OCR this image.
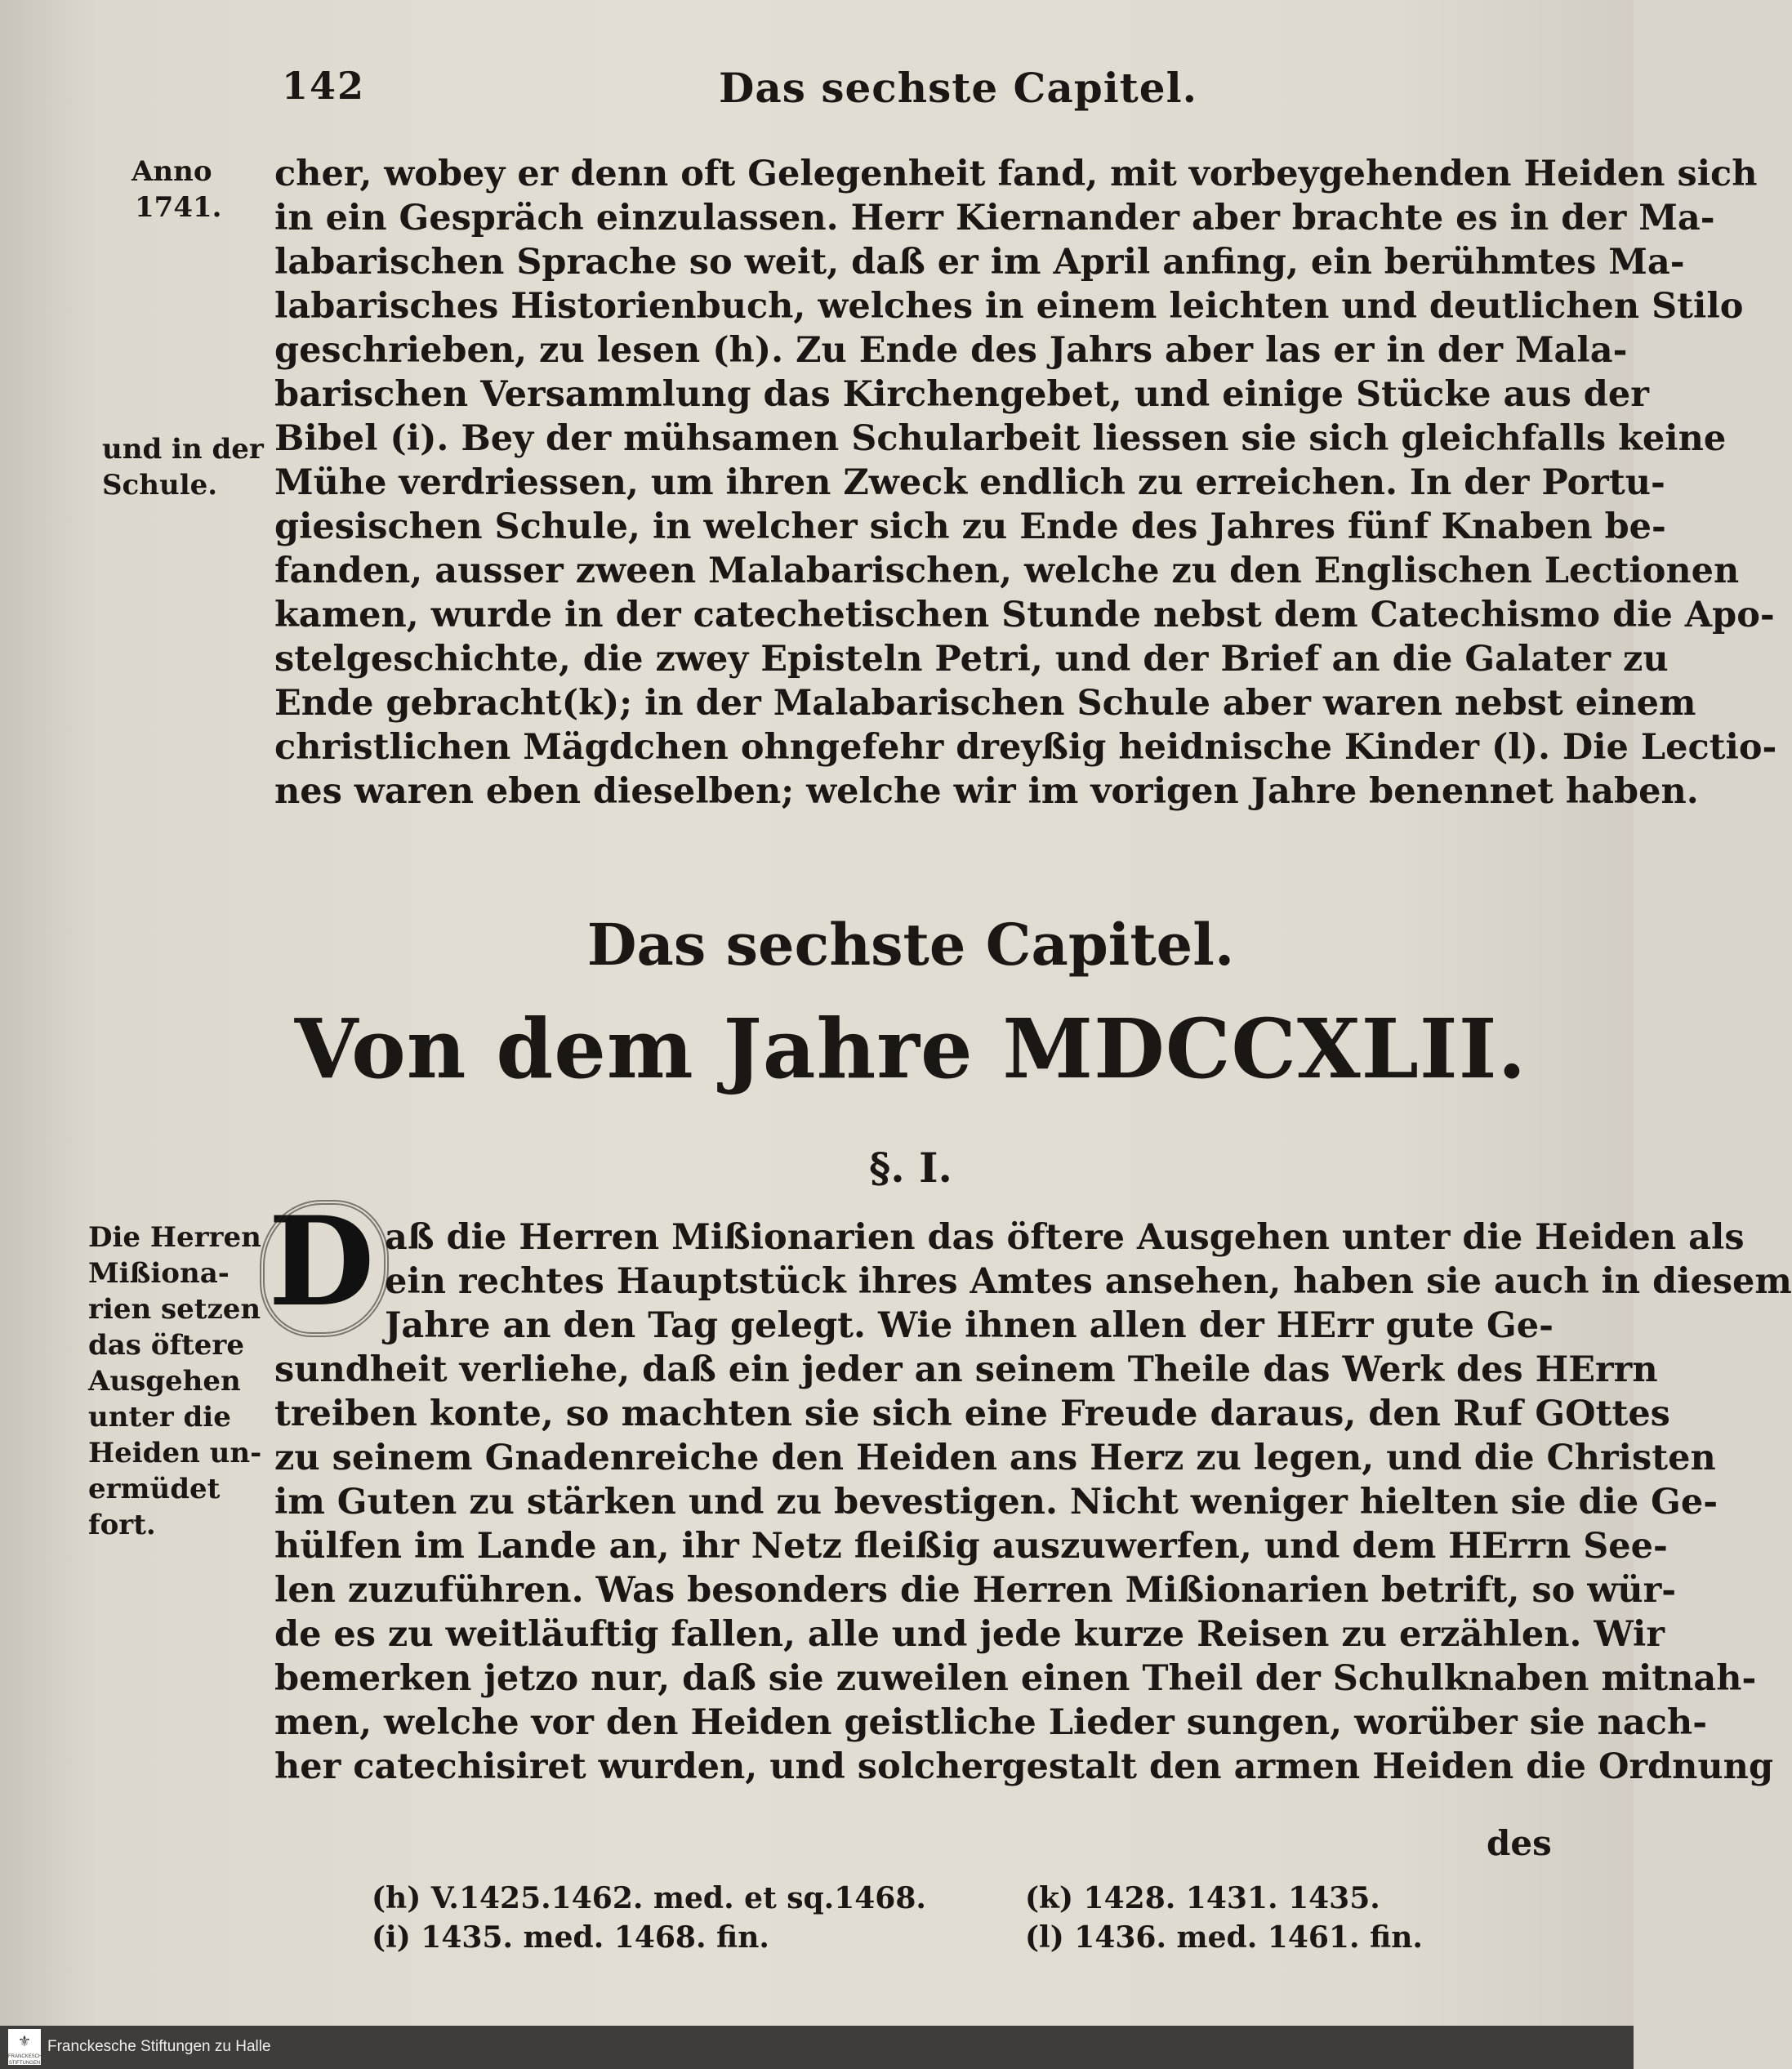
142	Das sechste Capitel.
Anno
1741.
und in der
Schule.
cher, wobey er denn oft Gelegenheit fand, mit vorbeygehenden Heiden sich
in ein Gespräch einzulassen. Herr Kiernander aber brachte es in der Ma-
labarischen Sprache so weit, daß er im April anfing, ein berühmtes Ma-
labarisches Historienbuch, welches in einem leichten und deutlichen Stilo
geschrieben, zu lesen (h). Zu Ende des Jahrs aber las er in der Mala-
barischen Versammlung das Kirchengebet, und einige Stücke aus der
Bibel (i). Bey der mühsamen Schularbeit liessen sie sich gleichfalls keine
Mühe verdriessen, um ihren Zweck endlich zu erreichen. In der Portu-
giesischen Schule, in welcher sich zu Ende des Jahres fünf Knaben be-
fanden, ausser zween Malabarischen, welche zu den Englischen Lectionen
kamen, wurde in der catechetischen Stunde nebst dem Catechismo die Apo-
stelgeschichte, die zwey Episteln Petri, und der Brief an die Galater zu
Ende gebracht(k); in der Malabarischen Schule aber waren nebst einem
christlichen Mägdchen ohngefehr dreyßig heidnische Kinder (l). Die Lectio-
nes waren eben dieselben; welche wir im vorigen Jahre benennet haben.
Das sechste Capitel.
Von dem Jahre MDCCXLII.
§. I.
Die Herren
Mißiona-
rien setzen
das öftere
Ausgehen
unter die
Heiden un-
ermüdet
fort.
D aß die Herren Mißionarien das öftere Ausgehen unter die Heiden als
ein rechtes Hauptstück ihres Amtes ansehen, haben sie auch in diesem
Jahre an den Tag gelegt. Wie ihnen allen der HErr gute Ge-
sundheit verliehe, daß ein jeder an seinem Theile das Werk des HErrn
treiben konte, so machten sie sich eine Freude daraus, den Ruf GOttes
zu seinem Gnadenreiche den Heiden ans Herz zu legen, und die Christen
im Guten zu stärken und zu bevestigen. Nicht weniger hielten sie die Ge-
hülfen im Lande an, ihr Netz fleißig auszuwerfen, und dem HErrn See-
len zuzuführen. Was besonders die Herren Mißionarien betrift, so wür-
de es zu weitläuftig fallen, alle und jede kurze Reisen zu erzählen. Wir
bemerken jetzo nur, daß sie zuweilen einen Theil der Schulknaben mitnah-
men, welche vor den Heiden geistliche Lieder sungen, worüber sie nach-
her catechisiret wurden, und solchergestalt den armen Heiden die Ordnung
des
(h) V.1425.1462. med. et sq.1468.
(i) 1435. med. 1468. fin.
(k) 1428. 1431. 1435.
(l) 1436. med. 1461. fin.
⚜
FRANCKESCHE STIFTUNGEN
Franckesche Stiftungen zu Halle
